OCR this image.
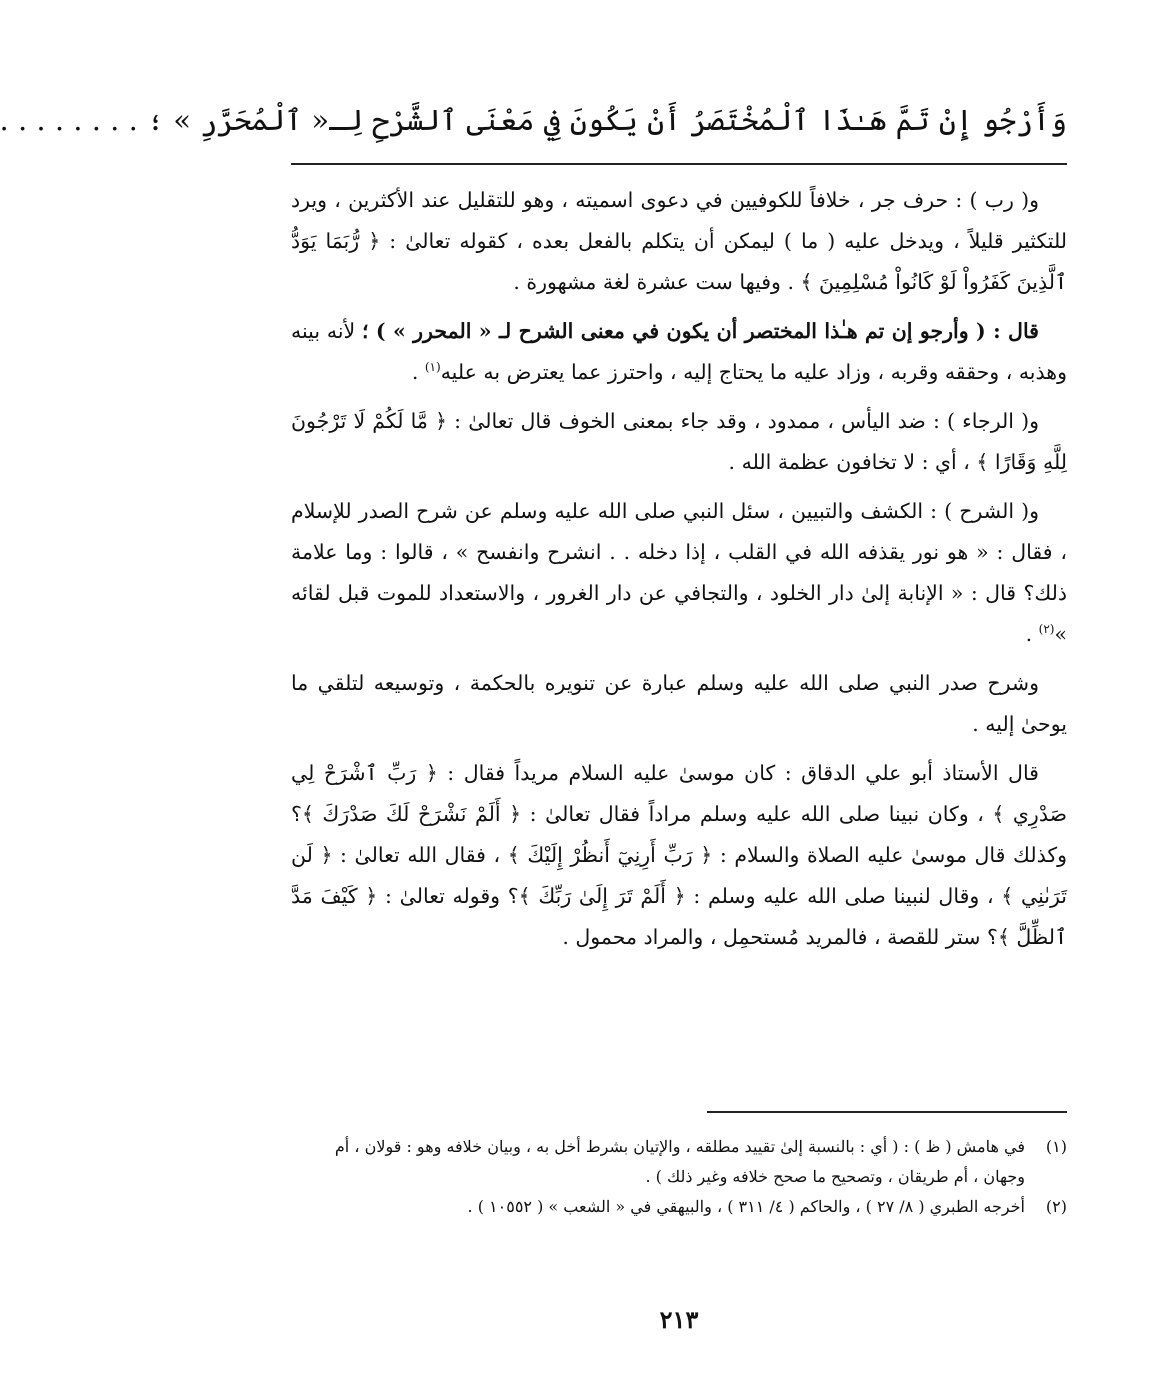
وَأَرْجُو إِنْ تَمَّ هَـٰذَا ٱلْمُخْتَصَرُ أَنْ يَكُونَ فِي مَعْنَى ٱلشَّرْحِ لِـ« ٱلْمُحَرَّرِ » ؛ . . . . . . . .

و( رب ) : حرف جر ، خلافاً للكوفيين في دعوى اسميته ، وهو للتقليل عند الأكثرين ، ويرد للتكثير قليلاً ، ويدخل عليه ( ما ) ليمكن أن يتكلم بالفعل بعده ، كقوله تعالىٰ : ﴿ رُّبَمَا يَوَدُّ ٱلَّذِينَ كَفَرُواْ لَوْ كَانُواْ مُسْلِمِينَ ﴾ . وفيها ست عشرة لغة مشهورة .

قال : ( وأرجو إن تم هـٰذا المختصر أن يكون في معنى الشرح لـ « المحرر » ) ؛ لأنه بينه وهذبه ، وحققه وقربه ، وزاد عليه ما يحتاج إليه ، واحترز عما يعترض به عليه$^{(١)}$ .

و( الرجاء ) : ضد اليأس ، ممدود ، وقد جاء بمعنى الخوف قال تعالىٰ : ﴿ مَّا لَكُمْ لَا تَرْجُونَ لِلَّهِ وَقَارًا ﴾ ، أي : لا تخافون عظمة الله .

و( الشرح ) : الكشف والتبيين ، سئل النبي صلى الله عليه وسلم عن شرح الصدر للإسلام ، فقال : « هو نور يقذفه الله في القلب ، إذا دخله . . انشرح وانفسح » ، قالوا : وما علامة ذلك؟ قال : « الإنابة إلىٰ دار الخلود ، والتجافي عن دار الغرور ، والاستعداد للموت قبل لقائه »$^{(٢)}$ .

وشرح صدر النبي صلى الله عليه وسلم عبارة عن تنويره بالحكمة ، وتوسيعه لتلقي ما يوحىٰ إليه .

قال الأستاذ أبو علي الدقاق : كان موسىٰ عليه السلام مريداً فقال : ﴿ رَبِّ ٱشْرَحْ لِي صَدْرِي ﴾ ، وكان نبينا صلى الله عليه وسلم مراداً فقال تعالىٰ : ﴿ أَلَمْ نَشْرَحْ لَكَ صَدْرَكَ ﴾؟ وكذلك قال موسىٰ عليه الصلاة والسلام : ﴿ رَبِّ أَرِنِيٓ أَنظُرْ إِلَيْكَ ﴾ ، فقال الله تعالىٰ : ﴿ لَن تَرَىٰنِي ﴾ ، وقال لنبينا صلى الله عليه وسلم : ﴿ أَلَمْ تَرَ إِلَىٰ رَبِّكَ ﴾؟ وقوله تعالىٰ : ﴿ كَيْفَ مَدَّ ٱلظِّلَّ ﴾؟ ستر للقصة ، فالمريد مُستحمِل ، والمراد محمول .

(١)
في هامش ( ظ ) : ( أي : بالنسبة إلىٰ تقييد مطلقه ، والإتيان بشرط أخل به ، وبيان خلافه وهو : قولان ، أم وجهان ، أم طريقان ، وتصحيح ما صحح خلافه وغير ذلك ) .
(٢)
أخرجه الطبري ( ٨/ ٢٧ ) ، والحاكم ( ٤/ ٣١١ ) ، والبيهقي في « الشعب » ( ١٠٥٥٢ ) .
٢١٣
